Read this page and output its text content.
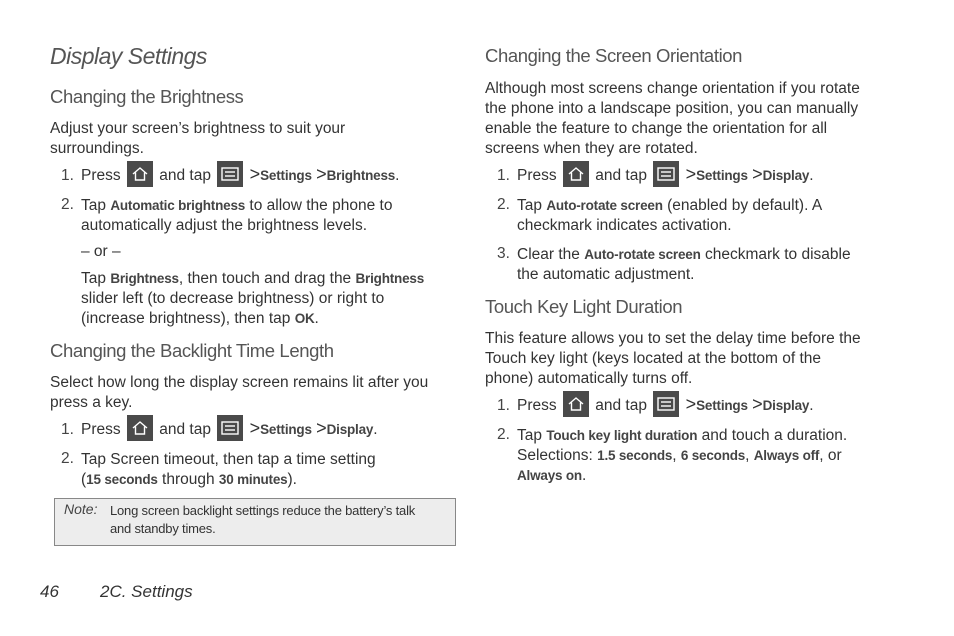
Display Settings
Changing the Brightness
Adjust your screen’s brightness to suit your
surroundings.
1. Press and tap >Settings >Brightness.
2. Tap Automatic brightness to allow the phone to
automatically adjust the brightness levels.
– or –
Tap Brightness, then touch and drag the Brightness
slider left (to decrease brightness) or right to
(increase brightness), then tap OK.
Changing the Backlight Time Length
Select how long the display screen remains lit after you
press a key.
1. Press and tap >Settings >Display.
2. Tap Screen timeout, then tap a time setting
(15 seconds through 30 minutes).
Note: Long screen backlight settings reduce the battery’s talk
and standby times.
Changing the Screen Orientation
Although most screens change orientation if you rotate
the phone into a landscape position, you can manually
enable the feature to change the orientation for all
screens when they are rotated.
1. Press and tap >Settings >Display.
2. Tap Auto-rotate screen (enabled by default). A
checkmark indicates activation.
3. Clear the Auto-rotate screen checkmark to disable
the automatic adjustment.
Touch Key Light Duration
This feature allows you to set the delay time before the
Touch key light (keys located at the bottom of the
phone) automatically turns off.
1. Press and tap >Settings >Display.
2. Tap Touch key light duration and touch a duration.
Selections: 1.5 seconds, 6 seconds, Always off, or
Always on.
46 2C. Settings
